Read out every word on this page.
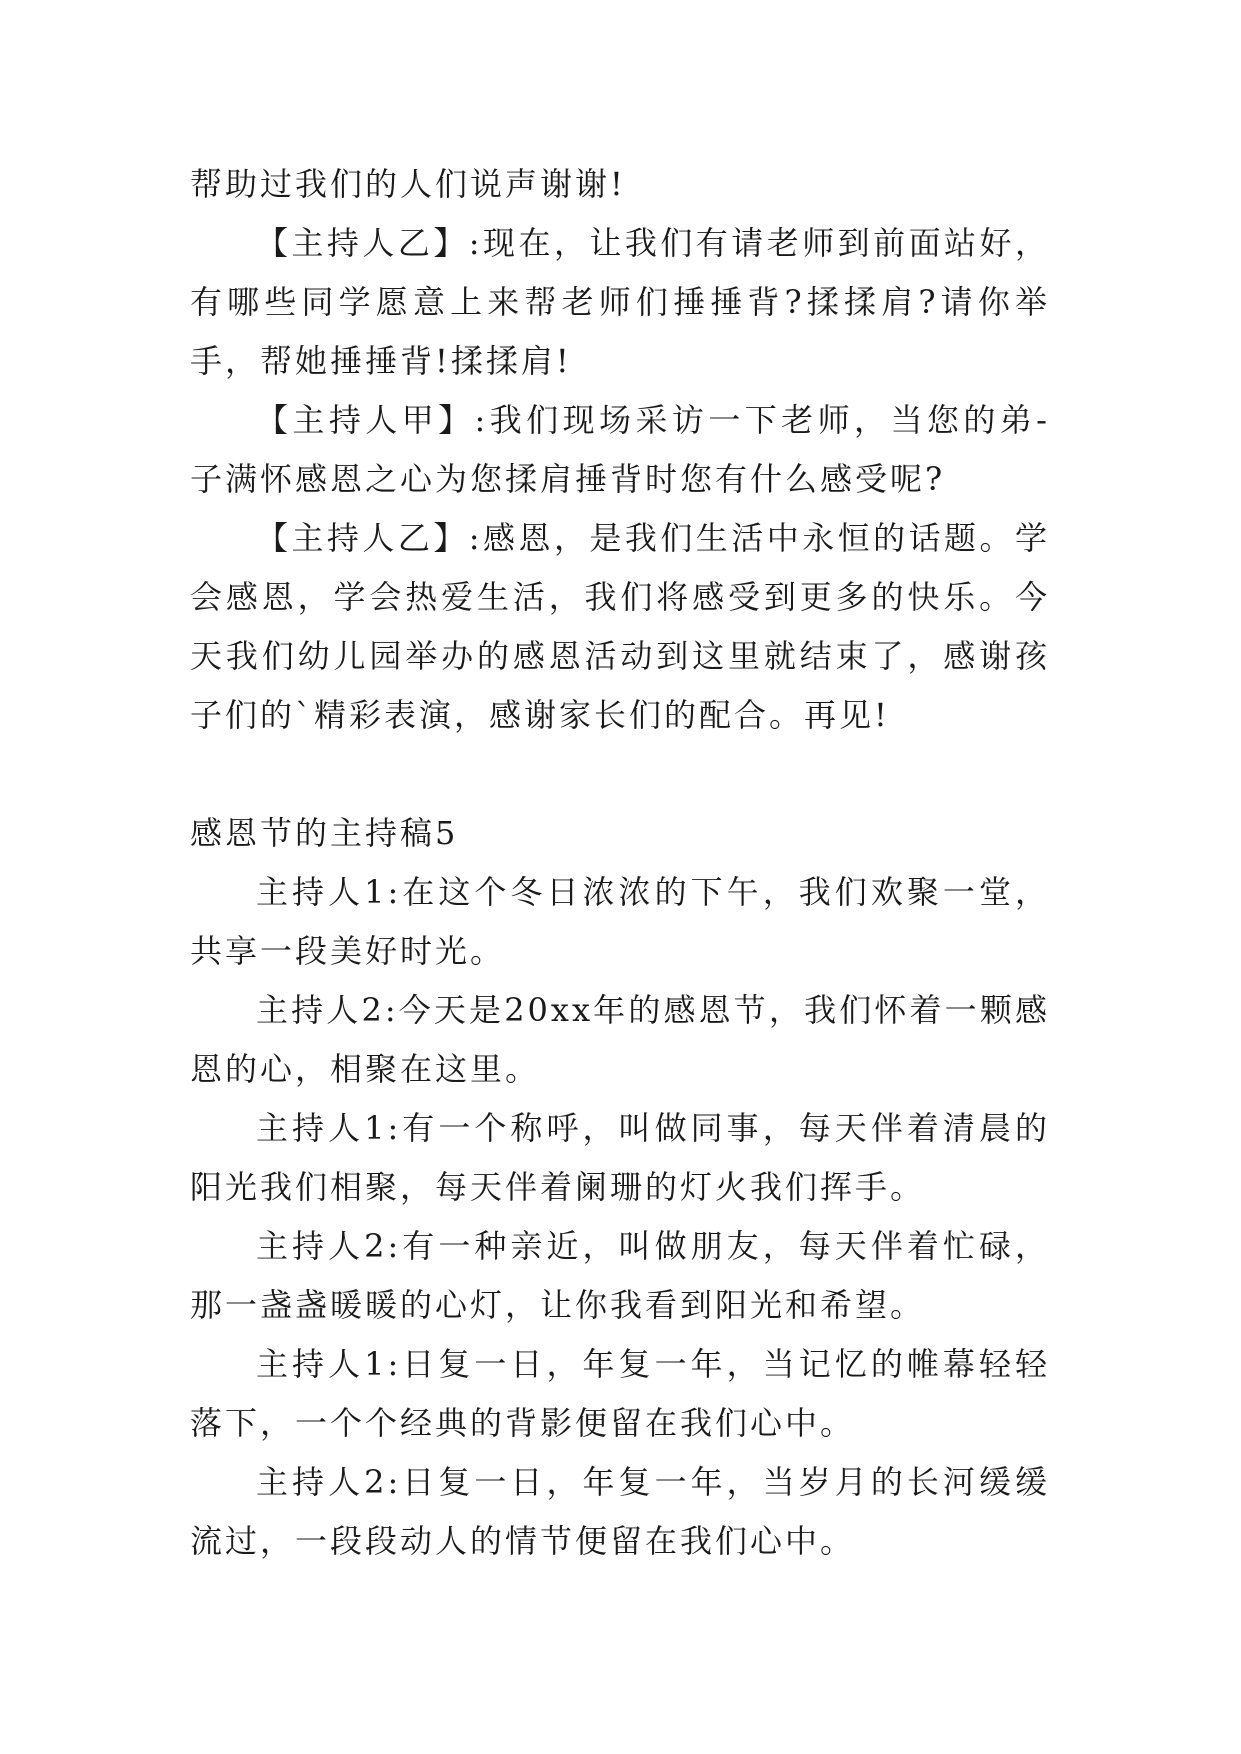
帮助过我们的人们说声谢谢!

【主持人乙】:现在，让我们有请老师到前面站好，有哪些同学愿意上来帮老师们捶捶背?揉揉肩?请你举手，帮她捶捶背!揉揉肩!

【主持人甲】:我们现场采访一下老师，当您的弟-子满怀感恩之心为您揉肩捶背时您有什么感受呢?

【主持人乙】:感恩，是我们生活中永恒的话题。学会感恩，学会热爱生活，我们将感受到更多的快乐。今天我们幼儿园举办的感恩活动到这里就结束了，感谢孩子们的`精彩表演，感谢家长们的配合。再见!

感恩节的主持稿5

主持人1:在这个冬日浓浓的下午，我们欢聚一堂，共享一段美好时光。

主持人2:今天是20xx年的感恩节，我们怀着一颗感恩的心，相聚在这里。

主持人1:有一个称呼，叫做同事，每天伴着清晨的阳光我们相聚，每天伴着阑珊的灯火我们挥手。

主持人2:有一种亲近，叫做朋友，每天伴着忙碌，那一盏盏暖暖的心灯，让你我看到阳光和希望。

主持人1:日复一日，年复一年，当记忆的帷幕轻轻落下，一个个经典的背影便留在我们心中。

主持人2:日复一日，年复一年，当岁月的长河缓缓流过，一段段动人的情节便留在我们心中。
